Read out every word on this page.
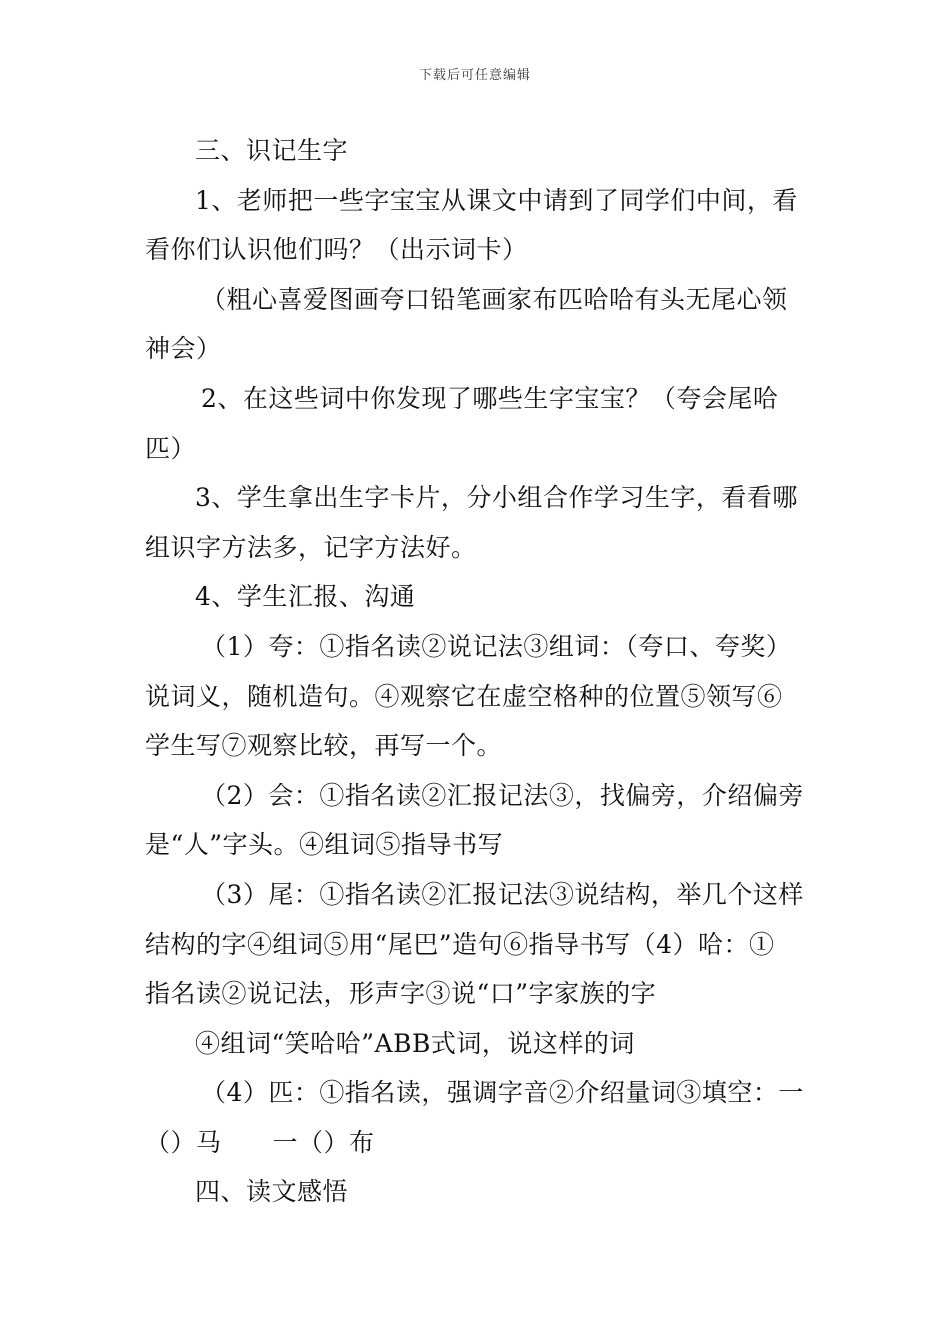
下载后可任意编辑
三、识记生字
1、老师把一些字宝宝从课文中请到了同学们中间，看
看你们认识他们吗？（出示词卡）
（粗心喜爱图画夸口铅笔画家布匹哈哈有头无尾心领
神会）
2、在这些词中你发现了哪些生字宝宝？（夸会尾哈
匹）
3、学生拿出生字卡片，分小组合作学习生字，看看哪
组识字方法多，记字方法好。
4、学生汇报、沟通
（1）夸：①指名读②说记法③组词：（夸口、夸奖）
说词义，随机造句。④观察它在虚空格种的位置⑤领写⑥
学生写⑦观察比较，再写一个。
（2）会：①指名读②汇报记法③，找偏旁，介绍偏旁
是“人”字头。④组词⑤指导书写
（3）尾：①指名读②汇报记法③说结构，举几个这样
结构的字④组词⑤用“尾巴”造句⑥指导书写（4）哈：①
指名读②说记法，形声字③说“口”字家族的字
④组词“笑哈哈”ABB式词，说这样的词
（4）匹：①指名读，强调字音②介绍量词③填空：一
（）马　　一（）布
四、读文感悟
